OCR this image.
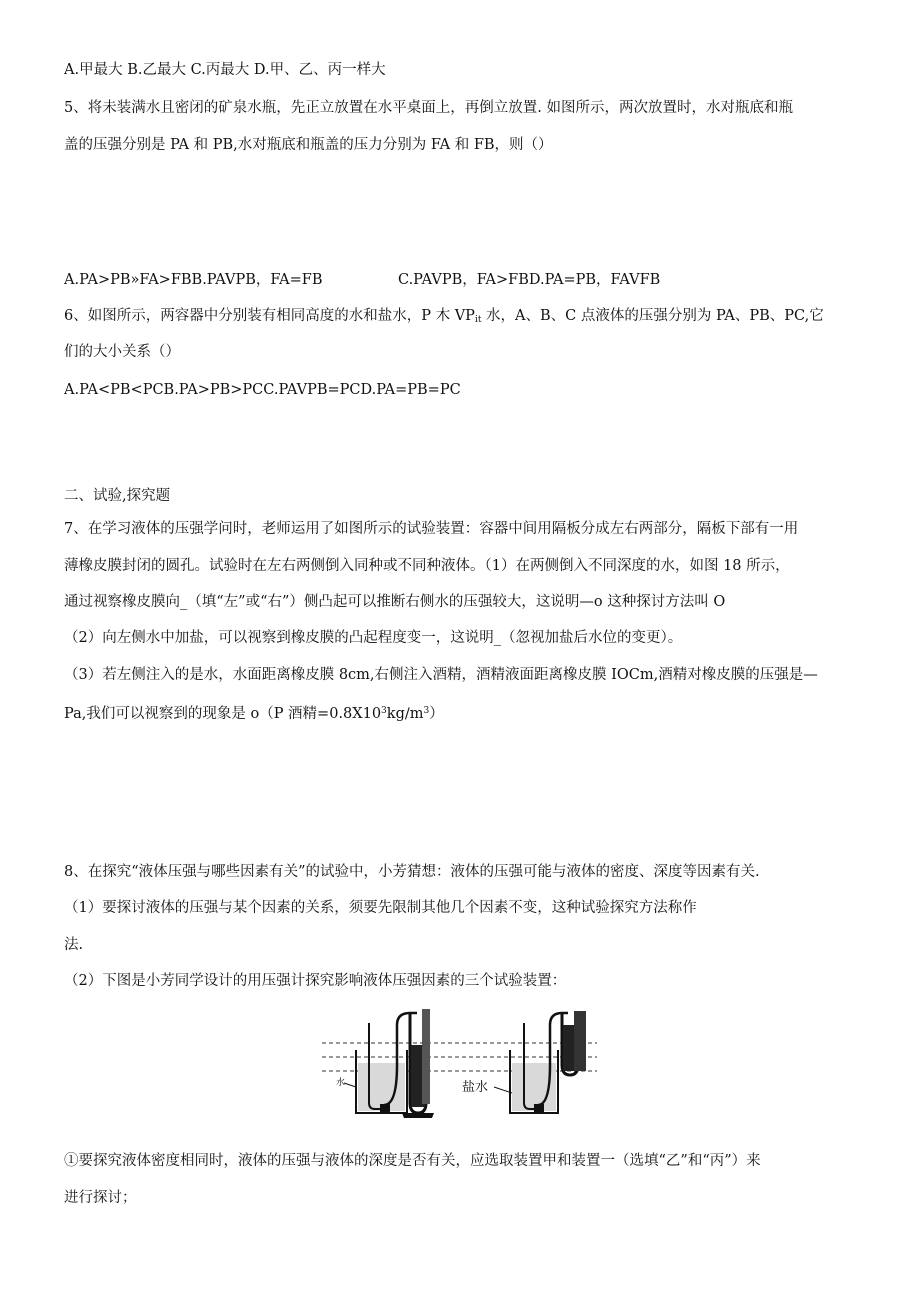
A.甲最大 B.乙最大 C.丙最大 D.甲、乙、丙一样大
5、将未装满水且密闭的矿泉水瓶，先正立放置在水平桌面上，再倒立放置. 如图所示，两次放置时，水对瓶底和瓶
盖的压强分别是 PA 和 PB,水对瓶底和瓶盖的压力分别为 FA 和 FB，则（）
A.PA>PB»FA>FBB.PAVPB，FA=FB	C.PAVPB，FA>FBD.PA=PB，FAVFB
6、如图所示，两容器中分别装有相同高度的水和盐水，P 木 $VP_{it}$ 水，A、B、C 点液体的压强分别为 PA、PB、PC,它
们的大小关系（）
A.PA<PB<PCB.PA>PB>PCC.PAVPB=PCD.PA=PB=PC
二、试验,探究题
7、在学习液体的压强学问时，老师运用了如图所示的试验装置：容器中间用隔板分成左右两部分，隔板下部有一用
薄橡皮膜封闭的圆孔。试验时在左右两侧倒入同种或不同种液体。（1）在两侧倒入不同深度的水，如图 18 所示，
通过视察橡皮膜向_（填“左”或“右”）侧凸起可以推断右侧水的压强较大，这说明—o 这种探讨方法叫 O
（2）向左侧水中加盐，可以视察到橡皮膜的凸起程度变一，这说明_（忽视加盐后水位的变更）。
（3）若左侧注入的是水，水面距离橡皮膜 8cm,右侧注入酒精，酒精液面距离橡皮膜 IOCm,酒精对橡皮膜的压强是—
Pa,我们可以视察到的现象是 o（P 酒精$=0.8X10^3kg∕m^3$）
8、在探究“液体压强与哪些因素有关”的试验中，小芳猜想：液体的压强可能与液体的密度、深度等因素有关.
（1）要探讨液体的压强与某个因素的关系，须要先限制其他几个因素不变，这种试验探究方法称作
法.
（2）下图是小芳同学设计的用压强计探究影响液体压强因素的三个试验装置：
水	盐水
①要探究液体密度相同时，液体的压强与液体的深度是否有关，应选取装置甲和装置一（选填“乙”和“丙”）来
进行探讨；
